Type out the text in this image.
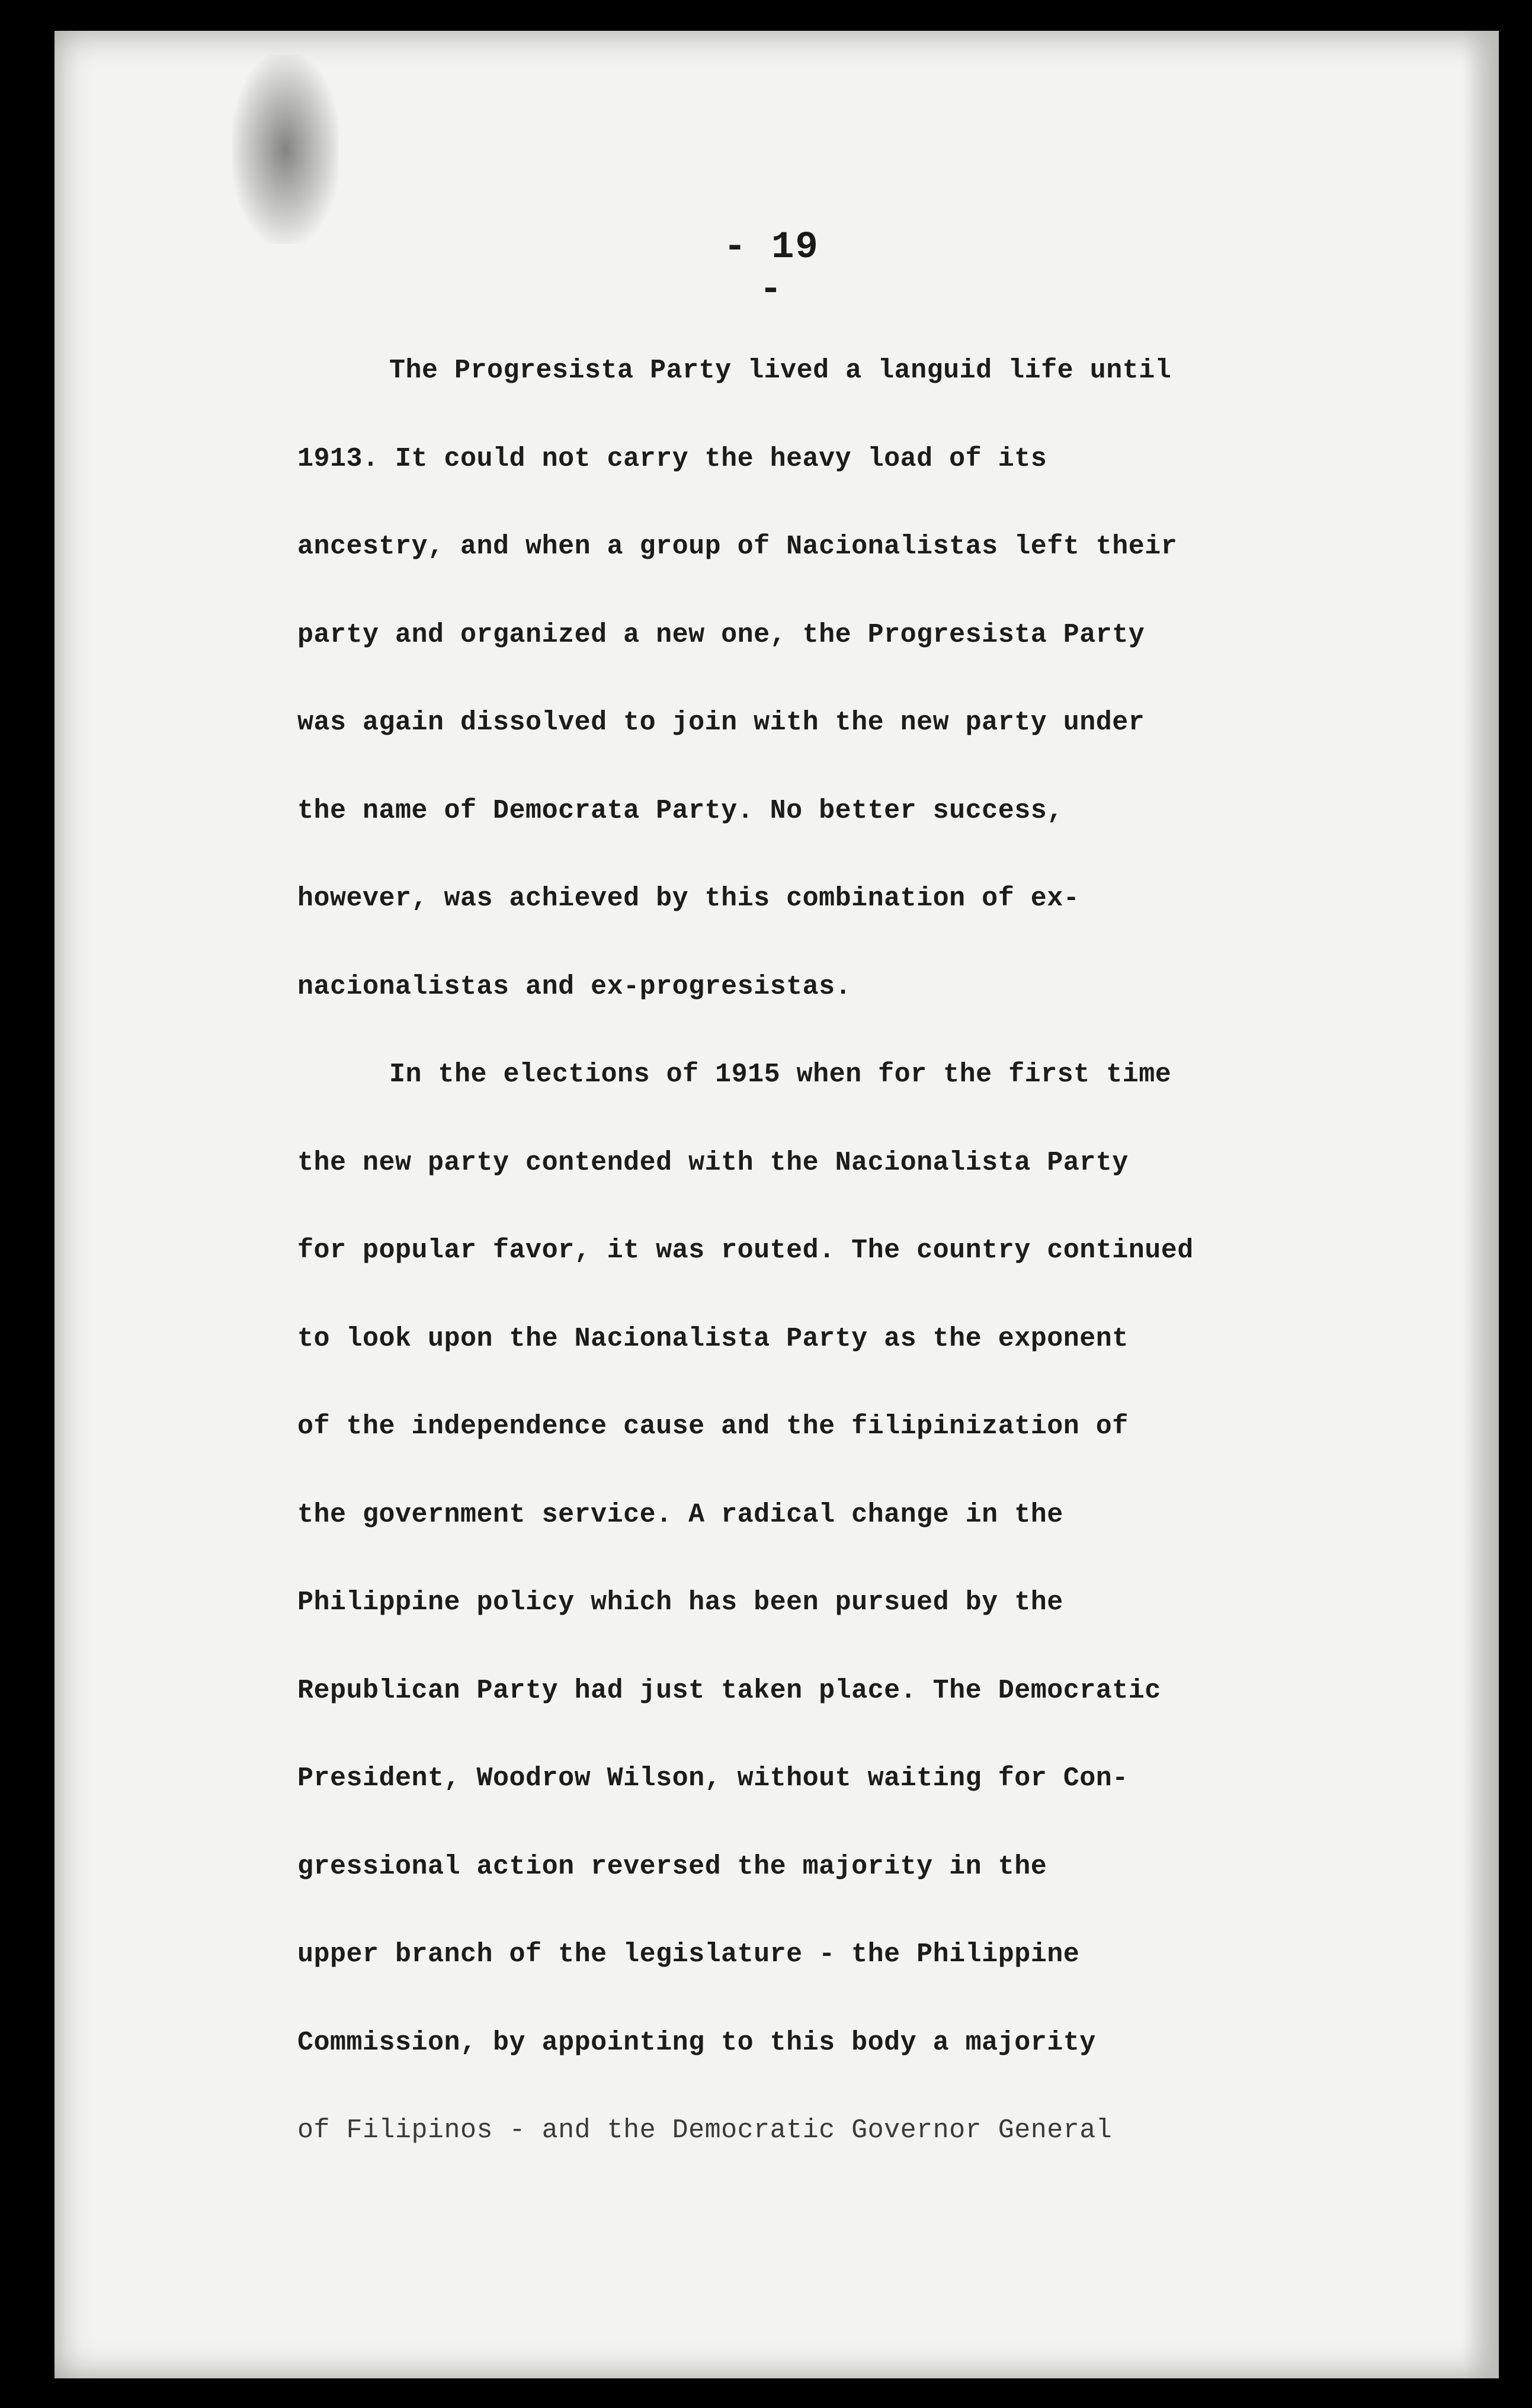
- 19 -
The Progresista Party lived a languid life until
1913. It could not carry the heavy load of its
ancestry, and when a group of Nacionalistas left their
party and organized a new one, the Progresista Party
was again dissolved to join with the new party under
the name of Democrata Party. No better success,
however, was achieved by this combination of ex-
nacionalistas and ex-progresistas.
In the elections of 1915 when for the first time
the new party contended with the Nacionalista Party
for popular favor, it was routed. The country continued
to look upon the Nacionalista Party as the exponent
of the independence cause and the filipinization of
the government service. A radical change in the
Philippine policy which has been pursued by the
Republican Party had just taken place. The Democratic
President, Woodrow Wilson, without waiting for Con-
gressional action reversed the majority in the
upper branch of the legislature - the Philippine
Commission, by appointing to this body a majority
of Filipinos - and the Democratic Governor General
